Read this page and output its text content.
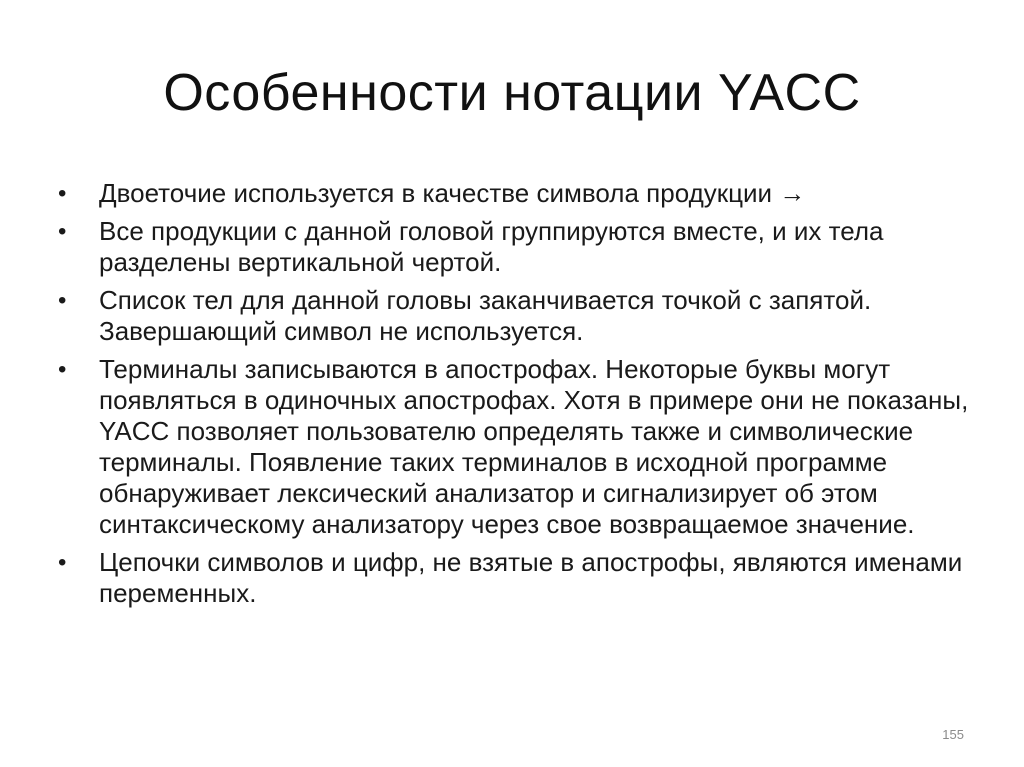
Особенности нотации YACC
•	Двоеточие используется в качестве символа продукции →
•	Все продукции с данной головой группируются вместе, и их тела разделены вертикальной чертой.
•	Список тел для данной головы заканчивается точкой с запятой. Завершающий символ не используется.
•	Терминалы записываются в апострофах. Некоторые буквы могут появляться в одиночных апострофах. Хотя в примере они не показаны, YACC позволяет пользователю определять также и символические терминалы. Появление таких терминалов в исходной программе обнаруживает лексический анализатор и сигнализирует об этом синтаксическому анализатору через свое возвращаемое значение.
•	Цепочки символов и цифр, не взятые в апострофы, являются именами переменных.
155
